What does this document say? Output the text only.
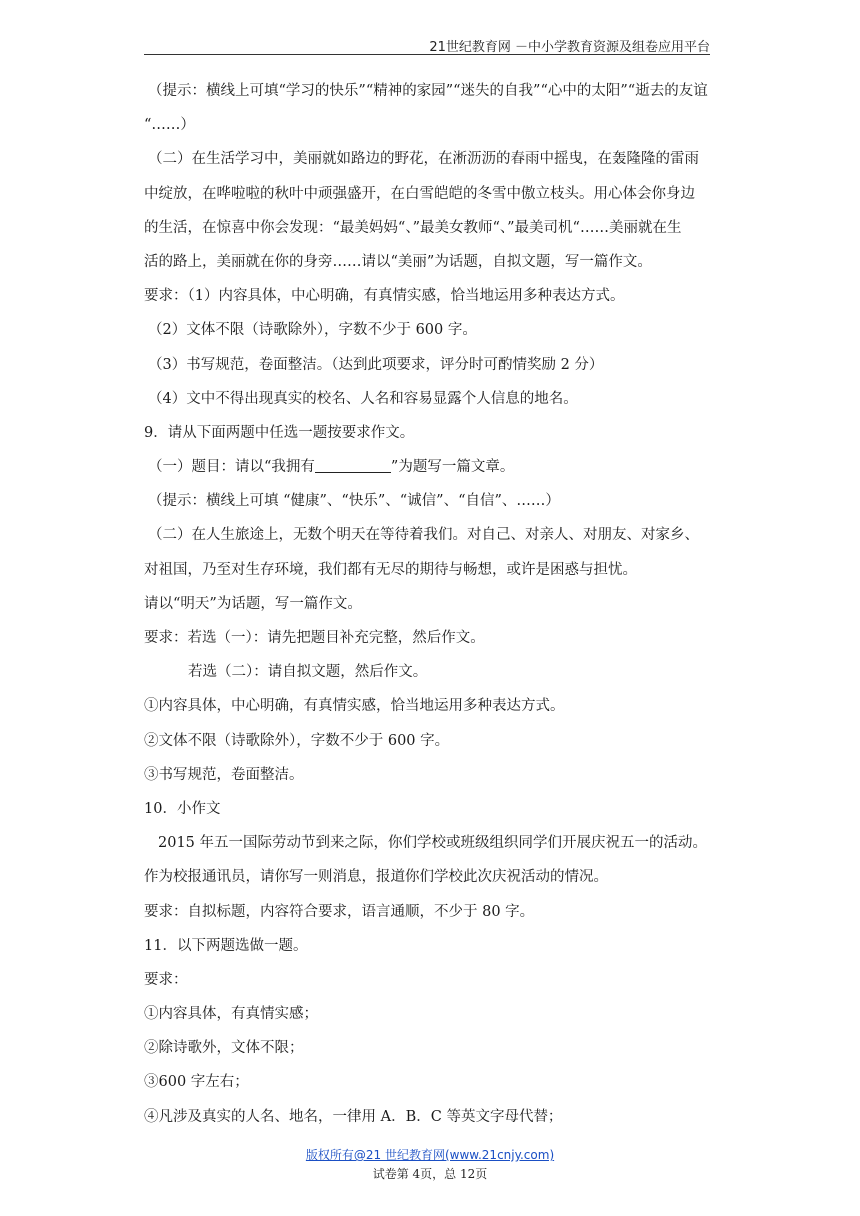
21世纪教育网 －中小学教育资源及组卷应用平台
（提示：横线上可填“学习的快乐”“精神的家园”“迷失的自我”“心中的太阳”“逝去的友谊
“……）
（二）在生活学习中，美丽就如路边的野花，在淅沥沥的春雨中摇曳，在轰隆隆的雷雨
中绽放，在哗啦啦的秋叶中顽强盛开，在白雪皑皑的冬雪中傲立枝头。用心体会你身边
的生活，在惊喜中你会发现：“最美妈妈“、”最美女教师“、”最美司机“……美丽就在生
活的路上，美丽就在你的身旁……请以“美丽”为话题，自拟文题，写一篇作文。
要求：（1）内容具体，中心明确，有真情实感，恰当地运用多种表达方式。
（2）文体不限（诗歌除外），字数不少于 600 字。
（3）书写规范，卷面整洁。（达到此项要求，评分时可酌情奖励 2 分）
（4）文中不得出现真实的校名、人名和容易显露个人信息的地名。
9．请从下面两题中任选一题按要求作文。
（一）题目：请以“我拥有	”为题写一篇文章。
（提示：横线上可填 “健康”、“快乐”、“诚信”、“自信”、……）
（二）在人生旅途上，无数个明天在等待着我们。对自己、对亲人、对朋友、对家乡、
对祖国，乃至对生存环境，我们都有无尽的期待与畅想，或许是困惑与担忧。
请以“明天”为话题，写一篇作文。
要求：若选（一）：请先把题目补充完整，然后作文。
若选（二）：请自拟文题，然后作文。
①内容具体，中心明确，有真情实感，恰当地运用多种表达方式。
②文体不限（诗歌除外），字数不少于 600 字。
③书写规范，卷面整洁。
10．小作文
2015 年五一国际劳动节到来之际，你们学校或班级组织同学们开展庆祝五一的活动。
作为校报通讯员，请你写一则消息，报道你们学校此次庆祝活动的情况。
要求：自拟标题，内容符合要求，语言通顺，不少于 80 字。
11．以下两题选做一题。
要求：
①内容具体，有真情实感；
②除诗歌外，文体不限；
③600 字左右；
④凡涉及真实的人名、地名，一律用 A．B．C 等英文字母代替；
版权所有@21 世纪教育网(www.21cnjy.com)
试卷第 4页，总 12页
